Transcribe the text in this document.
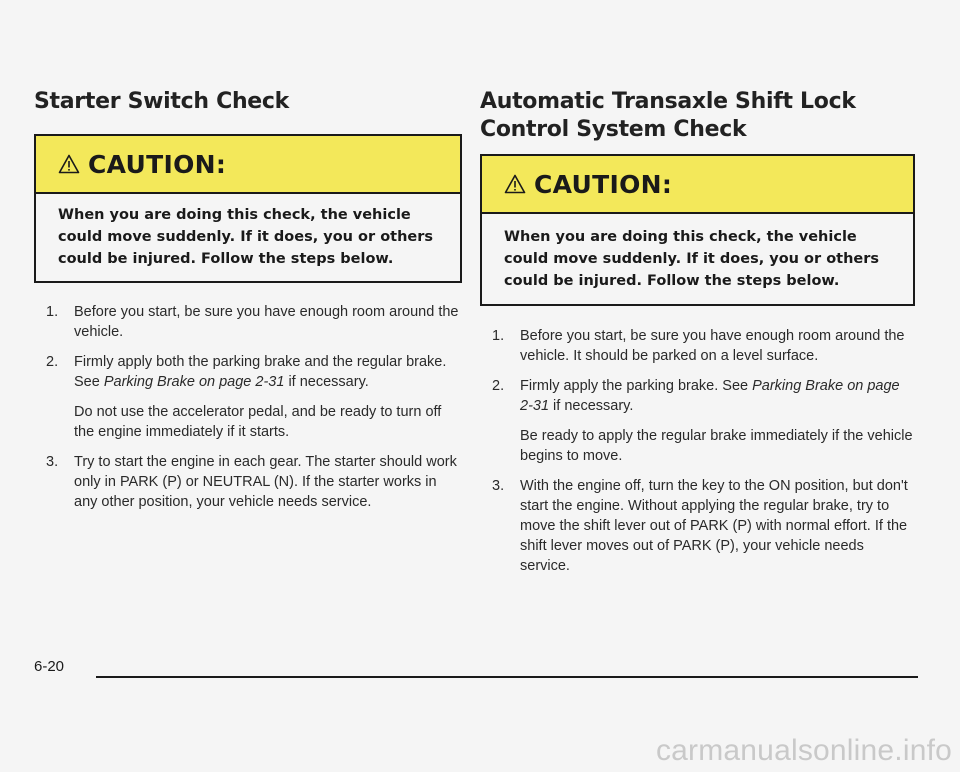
Starter Switch Check
CAUTION:
When you are doing this check, the vehicle could move suddenly. If it does, you or others could be injured. Follow the steps below.
1. Before you start, be sure you have enough room around the vehicle.

2. Firmly apply both the parking brake and the regular brake. See Parking Brake on page 2-31 if necessary.

Do not use the accelerator pedal, and be ready to turn off the engine immediately if it starts.

3. Try to start the engine in each gear. The starter should work only in PARK (P) or NEUTRAL (N). If the starter works in any other position, your vehicle needs service.

Automatic Transaxle Shift Lock Control System Check
CAUTION:
When you are doing this check, the vehicle could move suddenly. If it does, you or others could be injured. Follow the steps below.
1. Before you start, be sure you have enough room around the vehicle. It should be parked on a level surface.

2. Firmly apply the parking brake. See Parking Brake on page 2-31 if necessary.

Be ready to apply the regular brake immediately if the vehicle begins to move.

3. With the engine off, turn the key to the ON position, but don't start the engine. Without applying the regular brake, try to move the shift lever out of PARK (P) with normal effort. If the shift lever moves out of PARK (P), your vehicle needs service.

6-20
carmanualsonline.info
